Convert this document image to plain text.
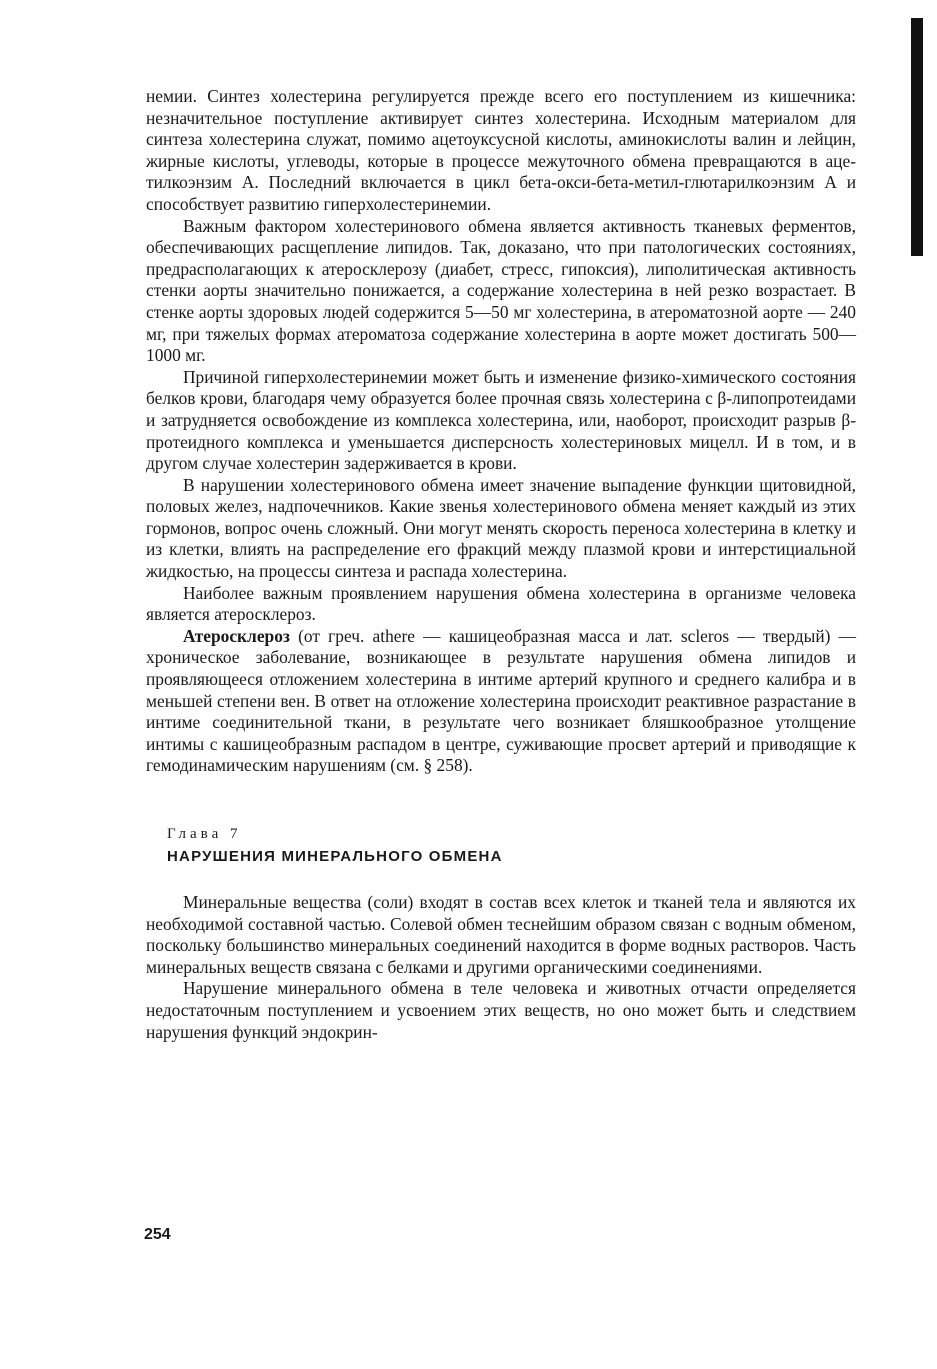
немии. Синтез холестерина регулируется прежде всего его поступлением из кишечника: незначительное поступление активирует синтез холестерина. Исходным материалом для синтеза холестерина служат, помимо ацетоуксусной кислоты, аминокислоты валин и лейцин, жирные кислоты, углеводы, которые в процессе межуточного обмена превращаются в ацетилкоэнзим А. Последний включается в цикл бета-окси-бета-метил-глютарилкоэнзим А и способствует развитию гиперхолестеринемии.

Важным фактором холестеринового обмена является активность тканевых ферментов, обеспечивающих расщепление липидов. Так, доказано, что при патологических состояниях, предрасполагающих к атеросклерозу (диабет, стресс, гипоксия), липолитическая активность стенки аорты значительно понижается, а содержание холестерина в ней резко возрастает. В стенке аорты здоровых людей содержится 5—50 мг холестерина, в атероматозной аорте — 240 мг, при тяжелых формах атероматоза содержание холестерина в аорте может достигать 500—1000 мг.

Причиной гиперхолестеринемии может быть и изменение физико-химического состояния белков крови, благодаря чему образуется более прочная связь холестерина с β-липопротеидами и затрудняется освобождение из комплекса холестерина, или, наоборот, происходит разрыв β-протеидного комплекса и уменьшается дисперсность холестериновых мицелл. И в том, и в другом случае холестерин задерживается в крови.

В нарушении холестеринового обмена имеет значение выпадение функции щитовидной, половых желез, надпочечников. Какие звенья холестеринового обмена меняет каждый из этих гормонов, вопрос очень сложный. Они могут менять скорость переноса холестерина в клетку и из клетки, влиять на распределение его фракций между плазмой крови и интерстициальной жидкостью, на процессы синтеза и распада холестерина.

Наиболее важным проявлением нарушения обмена холестерина в организме человека является атеросклероз.

Атеросклероз (от греч. athere — кашицеобразная масса и лат. scleros — твердый) — хроническое заболевание, возникающее в результате нарушения обмена липидов и проявляющееся отложением холестерина в интиме артерий крупного и среднего калибра и в меньшей степени вен. В ответ на отложение холестерина происходит реактивное разрастание в интиме соединительной ткани, в результате чего возникает бляшкообразное утолщение интимы с кашицеобразным распадом в центре, суживающие просвет артерий и приводящие к гемодинамическим нарушениям (см. § 258).

Глава 7
НАРУШЕНИЯ МИНЕРАЛЬНОГО ОБМЕНА

Минеральные вещества (соли) входят в состав всех клеток и тканей тела и являются их необходимой составной частью. Солевой обмен теснейшим образом связан с водным обменом, поскольку большинство минеральных соединений находится в форме водных растворов. Часть минеральных веществ связана с белками и другими органическими соединениями.

Нарушение минерального обмена в теле человека и животных отчасти определяется недостаточным поступлением и усвоением этих веществ, но оно может быть и следствием нарушения функций эндокрин-

254
